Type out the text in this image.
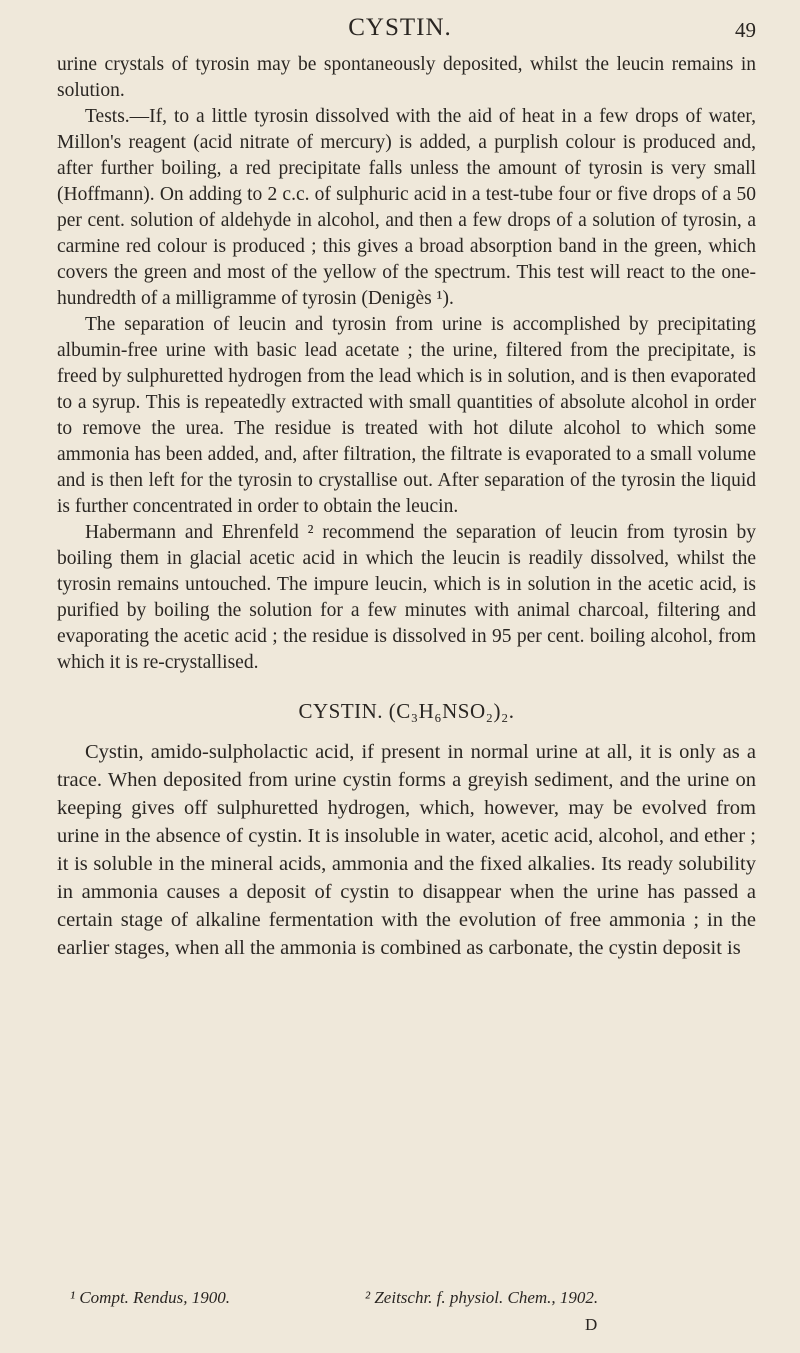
CYSTIN.	49

urine crystals of tyrosin may be spontaneously deposited, whilst the leucin remains in solution.

Tests.—If, to a little tyrosin dissolved with the aid of heat in a few drops of water, Millon's reagent (acid nitrate of mercury) is added, a purplish colour is produced and, after further boiling, a red precipitate falls unless the amount of tyrosin is very small (Hoffmann). On adding to 2 c.c. of sulphuric acid in a test-tube four or five drops of a 50 per cent. solution of aldehyde in alcohol, and then a few drops of a solution of tyrosin, a carmine red colour is produced ; this gives a broad absorption band in the green, which covers the green and most of the yellow of the spectrum. This test will react to the one-hundredth of a milligramme of tyrosin (Denigès ¹).

The separation of leucin and tyrosin from urine is accomplished by precipitating albumin-free urine with basic lead acetate ; the urine, filtered from the precipitate, is freed by sulphuretted hydrogen from the lead which is in solution, and is then evaporated to a syrup. This is repeatedly extracted with small quantities of absolute alcohol in order to remove the urea. The residue is treated with hot dilute alcohol to which some ammonia has been added, and, after filtration, the filtrate is evaporated to a small volume and is then left for the tyrosin to crystallise out. After separation of the tyrosin the liquid is further concentrated in order to obtain the leucin.

Habermann and Ehrenfeld ² recommend the separation of leucin from tyrosin by boiling them in glacial acetic acid in which the leucin is readily dissolved, whilst the tyrosin remains untouched. The impure leucin, which is in solution in the acetic acid, is purified by boiling the solution for a few minutes with animal charcoal, filtering and evaporating the acetic acid ; the residue is dissolved in 95 per cent. boiling alcohol, from which it is re-crystallised.

CYSTIN. (C₃H₆NSO₂)₂.

Cystin, amido-sulpholactic acid, if present in normal urine at all, it is only as a trace. When deposited from urine cystin forms a greyish sediment, and the urine on keeping gives off sulphuretted hydrogen, which, however, may be evolved from urine in the absence of cystin. It is insoluble in water, acetic acid, alcohol, and ether ; it is soluble in the mineral acids, ammonia and the fixed alkalies. Its ready solubility in ammonia causes a deposit of cystin to disappear when the urine has passed a certain stage of alkaline fermentation with the evolution of free ammonia ; in the earlier stages, when all the ammonia is combined as carbonate, the cystin deposit is

¹ Compt. Rendus, 1900.	² Zeitschr. f. physiol. Chem., 1902.
D
